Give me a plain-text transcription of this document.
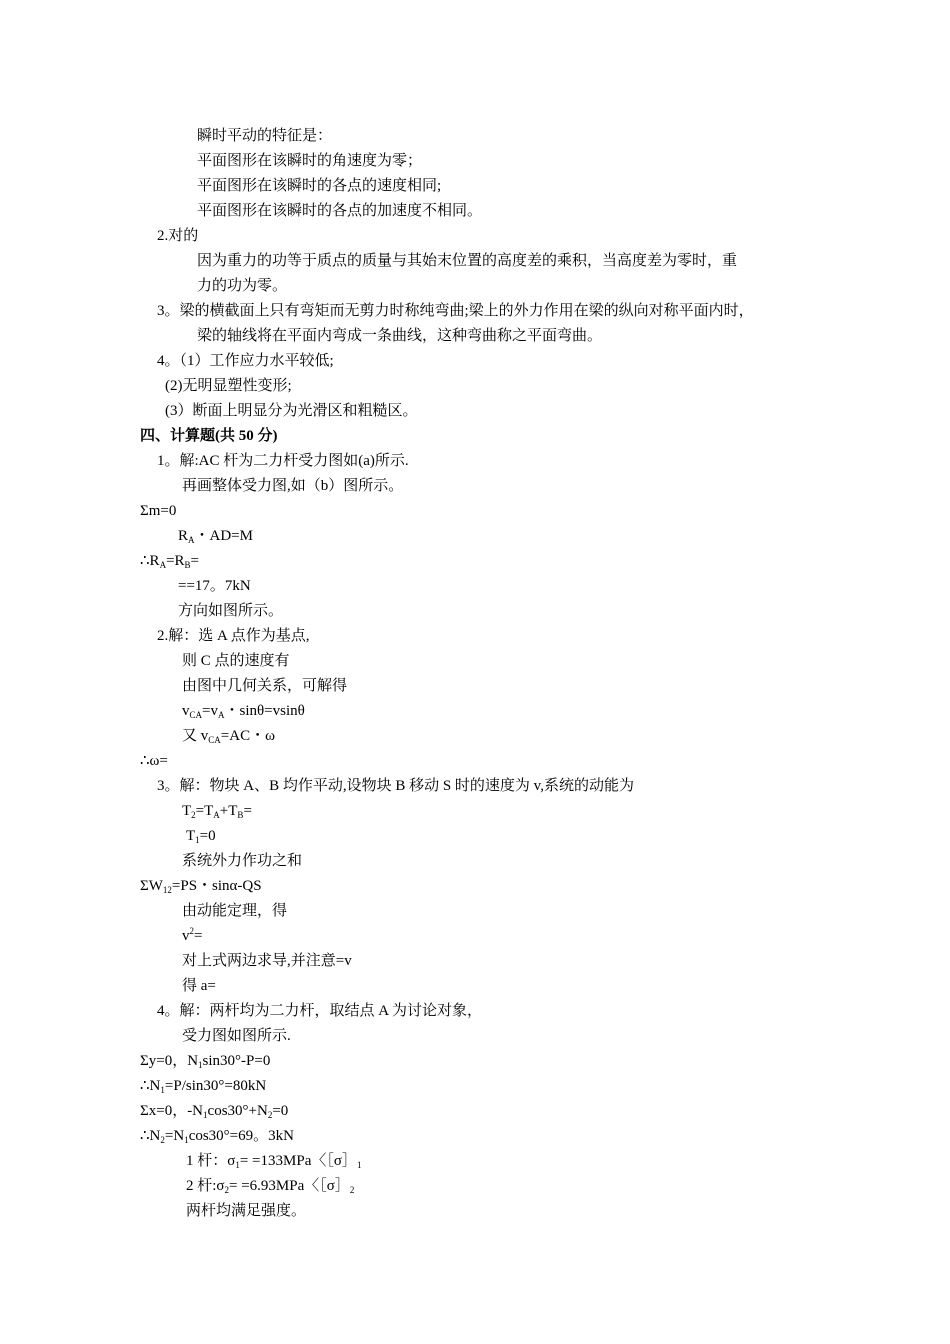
瞬时平动的特征是：
平面图形在该瞬时的角速度为零；
平面图形在该瞬时的各点的速度相同;
平面图形在该瞬时的各点的加速度不相同。
2.对的
因为重力的功等于质点的质量与其始末位置的高度差的乘积，当高度差为零时，重
力的功为零。
3。梁的横截面上只有弯矩而无剪力时称纯弯曲;梁上的外力作用在梁的纵向对称平面内时，
梁的轴线将在平面内弯成一条曲线，这种弯曲称之平面弯曲。
4。（1）工作应力水平较低;
(2)无明显塑性变形;
(3）断面上明显分为光滑区和粗糙区。
四、计算题(共 50 分)
1。解:AC 杆为二力杆受力图如(a)所示.
再画整体受力图,如（b）图所示。
Σm=0
$R_A$・AD=M
$\therefore R_A=R_B=$
==17。7kN
方向如图所示。
2.解：选 A 点作为基点,
则 C 点的速度有
由图中几何关系，可解得
$v_{CA}=v_A$・sinθ=vsinθ
又 $v_{CA}=AC$・ω
∴ω=
3。解：物块 A、B 均作平动,设物块 B 移动 S 时的速度为 v,系统的动能为
$T_2=T_A+T_B=$
$T_1=0$
系统外力作功之和
$\Sigma W_{12}=PS$・sinα-QS
由动能定理，得
$v^2=$
对上式两边求导,并注意=v
得 a=
4。解：两杆均为二力杆，取结点 A 为讨论对象，
受力图如图所示.
Σy=0，$N_1\sin 30^\circ-P=0$
$\therefore N_1=P/\sin 30^\circ=80kN$
Σx=0，$-N_1\cos 30^\circ+N_2=0$
$\therefore N_2=N_1\cos 30^\circ=69$。3kN
1 杆：$\sigma_1= =133MPa$〈$[\sigma]_1$
2 杆$:\sigma_2= =6.93MPa$〈$[\sigma]_2$
两杆均满足强度。
